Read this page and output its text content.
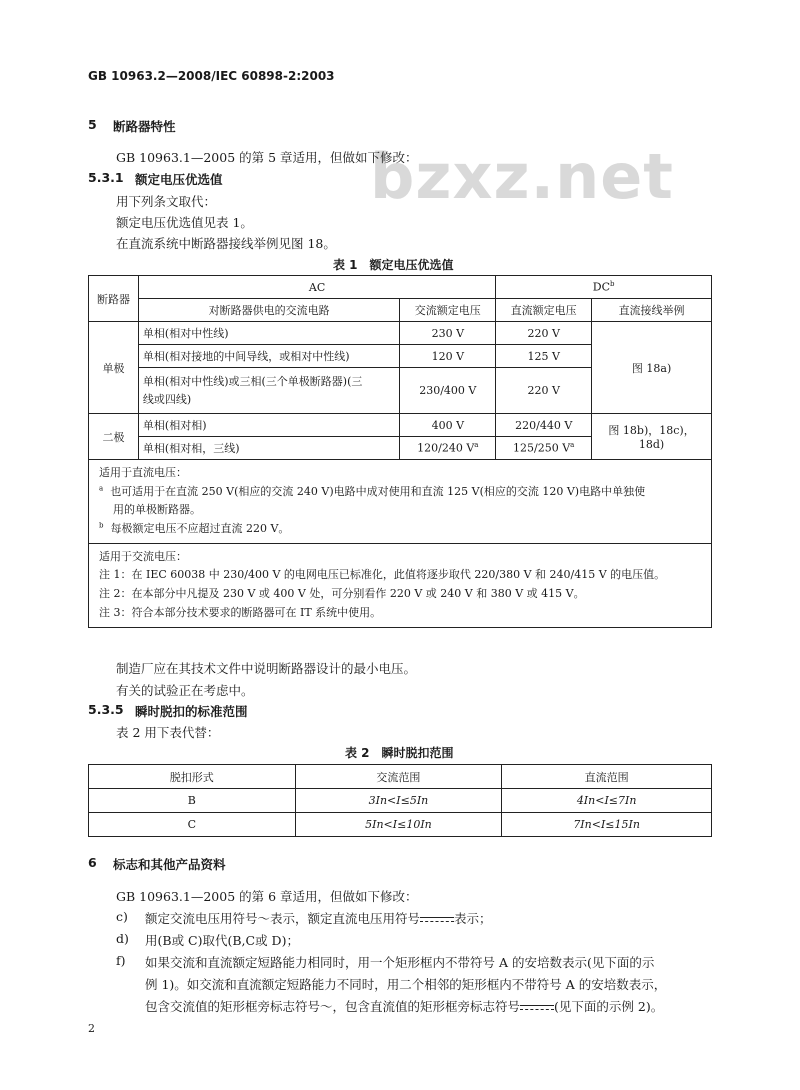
GB 10963.2—2008/IEC 60898-2:2003
bzxz.net
5 断路器特性
GB 10963.1—2005 的第 5 章适用，但做如下修改：
5.3.1 额定电压优选值
用下列条文取代：
额定电压优选值见表 1。
在直流系统中断路器接线举例见图 18。
表 1　额定电压优选值
断路器	AC		$DC^b$
	对断路器供电的交流电路	交流额定电压	直流额定电压	直流接线举例
单极	单相(相对中性线)	230 V	220 V	图 18a)
	单相(相对接地的中间导线，或相对中性线)	120 V	125 V	
	单相(相对中性线)或三相(三个单极断路器)(三
线或四线)	230/400 V	220 V	
二极	单相(相对相)	400 V	220/440 V	图 18b)，18c)，18d)
	单相(相对相，三线)	120/240 $V^a$	125/250 $V^a$

适用于直流电压：
$^a$ 也可适用于在直流 250 V(相应的交流 240 V)电路中成对使用和直流 125 V(相应的交流 120 V)电路中单独使
用的单极断路器。
$^b$ 每极额定电压不应超过直流 220 V。				

适用于交流电压：
注 1：在 IEC 60038 中 230/400 V 的电网电压已标准化，此值将逐步取代 220/380 V 和 240/415 V 的电压值。
注 2：在本部分中凡提及 230 V 或 400 V 处，可分别看作 220 V 或 240 V 和 380 V 或 415 V。
注 3：符合本部分技术要求的断路器可在 IT 系统中使用。				
制造厂应在其技术文件中说明断路器设计的最小电压。
有关的试验正在考虑中。
5.3.5 瞬时脱扣的标准范围
表 2 用下表代替：
表 2　瞬时脱扣范围
脱扣形式	交流范围	直流范围
B	3In<I≤5In	4In<I≤7In
C	5In<I≤10In	7In<I≤15In
6 标志和其他产品资料
GB 10963.1—2005 的第 6 章适用，但做如下修改：
c) 额定交流电压用符号～表示，额定直流电压用符号	表示；
d) 用(B或 C)取代(B,C或 D)；
f) 如果交流和直流额定短路能力相同时，用一个矩形框内不带符号 A 的安培数表示(见下面的示
例 1)。如交流和直流额定短路能力不同时，用二个相邻的矩形框内不带符号 A 的安培数表示，
包含交流值的矩形框旁标志符号～，包含直流值的矩形框旁标志符号	(见下面的示例 2)。
2
